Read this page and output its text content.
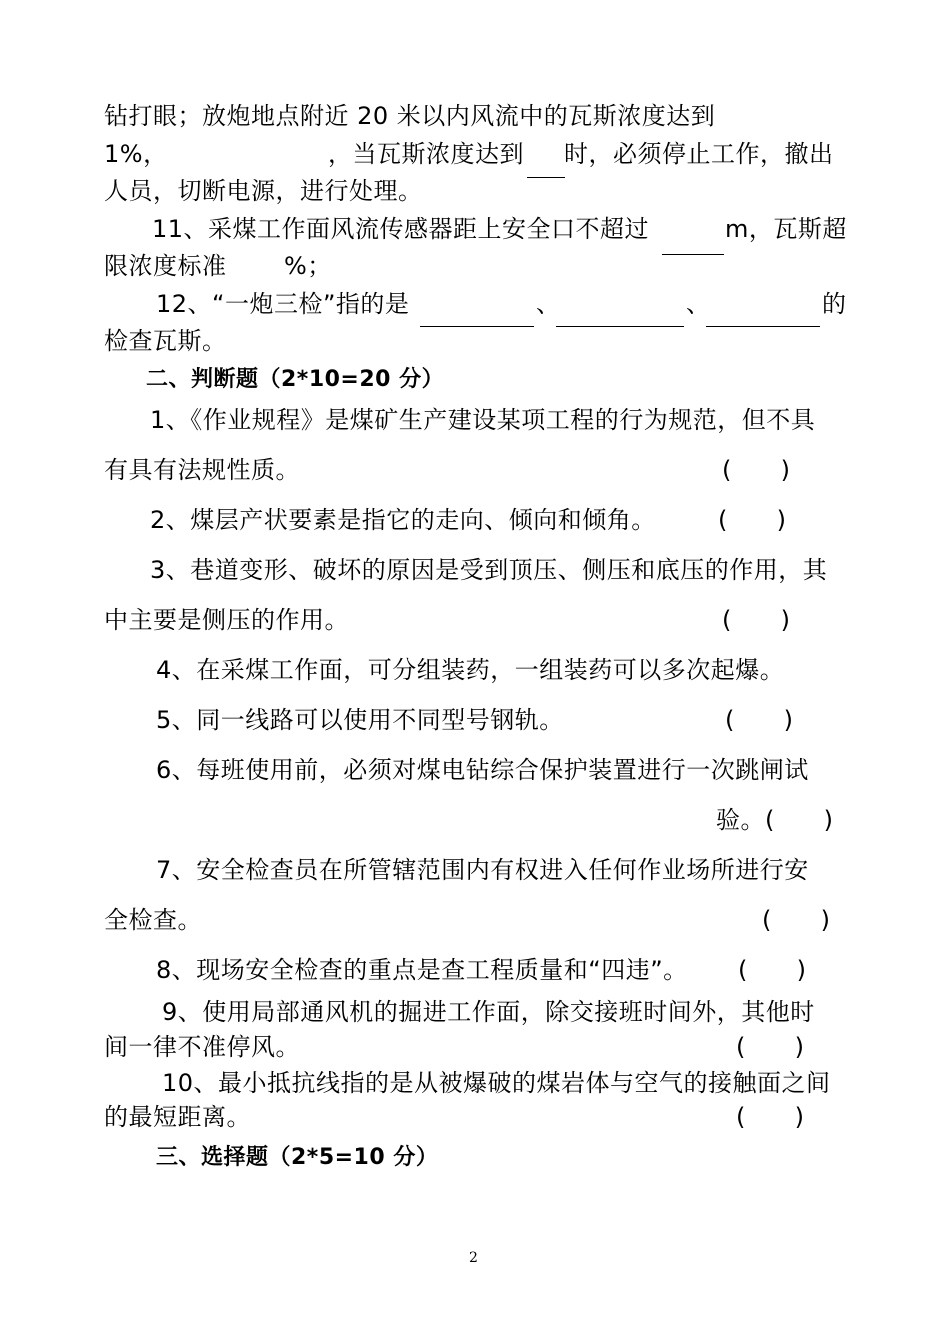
钻打眼；放炮地点附近 20 米以内风流中的瓦斯浓度达到
1%，	，当瓦斯浓度达到 时，必须停止工作，撤出
人员，切断电源，进行处理。
11、采煤工作面风流传感器距上安全口不超过	m，瓦斯超
限浓度标准 %；
12、“一炮三检”指的是	、	、	的
检查瓦斯。
二、判断题（2*10=20 分）
1、《作业规程》是煤矿生产建设某项工程的行为规范，但不具
有具有法规性质。	(      )
2、煤层产状要素是指它的走向、倾向和倾角。	(      )
3、巷道变形、破坏的原因是受到顶压、侧压和底压的作用，其
中主要是侧压的作用。	(      )
4、在采煤工作面，可分组装药，一组装药可以多次起爆。
5、同一线路可以使用不同型号钢轨。	(      )
6、每班使用前，必须对煤电钻综合保护装置进行一次跳闸试
验。(      )
7、安全检查员在所管辖范围内有权进入任何作业场所进行安
全检查。	(      )
8、现场安全检查的重点是查工程质量和“四违”。 (      )
9、使用局部通风机的掘进工作面，除交接班时间外，其他时
间一律不准停风。	(      )
10、最小抵抗线指的是从被爆破的煤岩体与空气的接触面之间
的最短距离。	(      )
三、选择题（2*5=10 分）
2
